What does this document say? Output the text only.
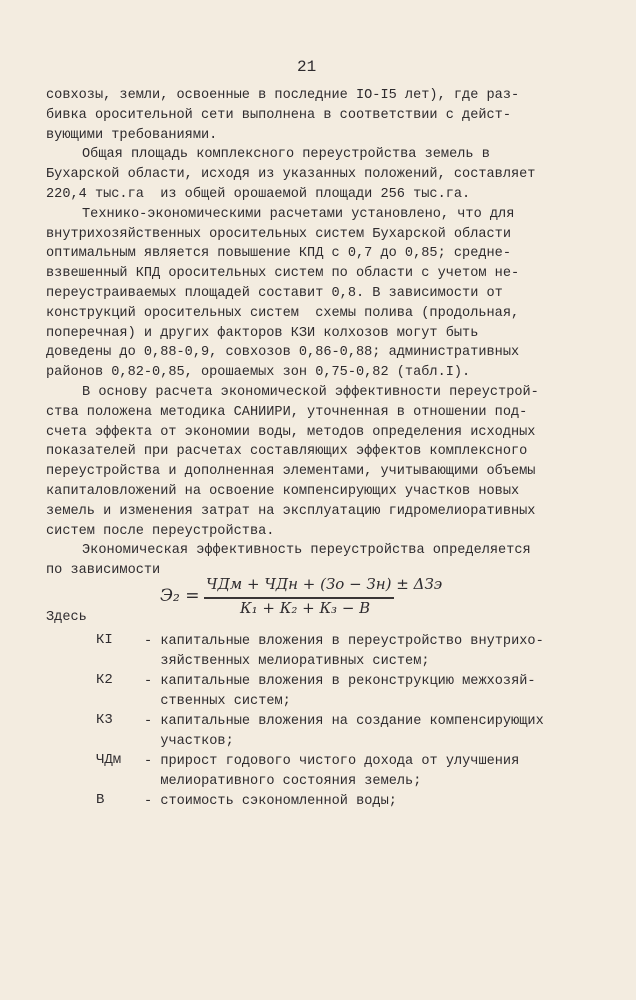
21
совхозы, земли, освоенные в последние IO-I5 лет), где раз-
бивка оросительной сети выполнена в соответствии с дейст-
вующими требованиями.
Общая площадь комплексного переустройства земель в
Бухарской области, исходя из указанных положений, составляет
220,4 тыс.га  из общей орошаемой площади 256 тыс.га.
Технико-экономическими расчетами установлено, что для
внутрихозяйственных оросительных систем Бухарской области
оптимальным является повышение КПД с 0,7 до 0,85; средне-
взвешенный КПД оросительных систем по области с учетом не-
переустраиваемых площадей составит 0,8. В зависимости от
конструкций оросительных систем  схемы полива (продольная,
поперечная) и других факторов КЗИ колхозов могут быть
доведены до 0,88-0,9, совхозов 0,86-0,88; административных
районов 0,82-0,85, орошаемых зон 0,75-0,82 (табл.I).
В основу расчета экономической эффективности переустрой-
ства положена методика САНИИРИ, уточненная в отношении под-
счета эффекта от экономии воды, методов определения исходных
показателей при расчетах составляющих эффектов комплексного
переустройства и дополненная элементами, учитывающими объемы
капиталовложений на освоение компенсирующих участков новых
земель и изменения затрат на эксплуатацию гидромелиоративных
систем после переустройства.
Экономическая эффективность переустройства определяется
по зависимости
Э₂ =
ЧДм + ЧДн + (Зо − Зн) ± ΔЗэ
К₁ + К₂ + К₃ − В
Здесь
КI	- капитальные вложения в переустройство внутрихо-
зяйственных мелиоративных систем;
К2	- капитальные вложения в реконструкцию межхозяй-
ственных систем;
К3	- капитальные вложения на создание компенсирующих
участков;
ЧДм	- прирост годового чистого дохода от улучшения
мелиоративного состояния земель;
В	- стоимость сэкономленной воды;
